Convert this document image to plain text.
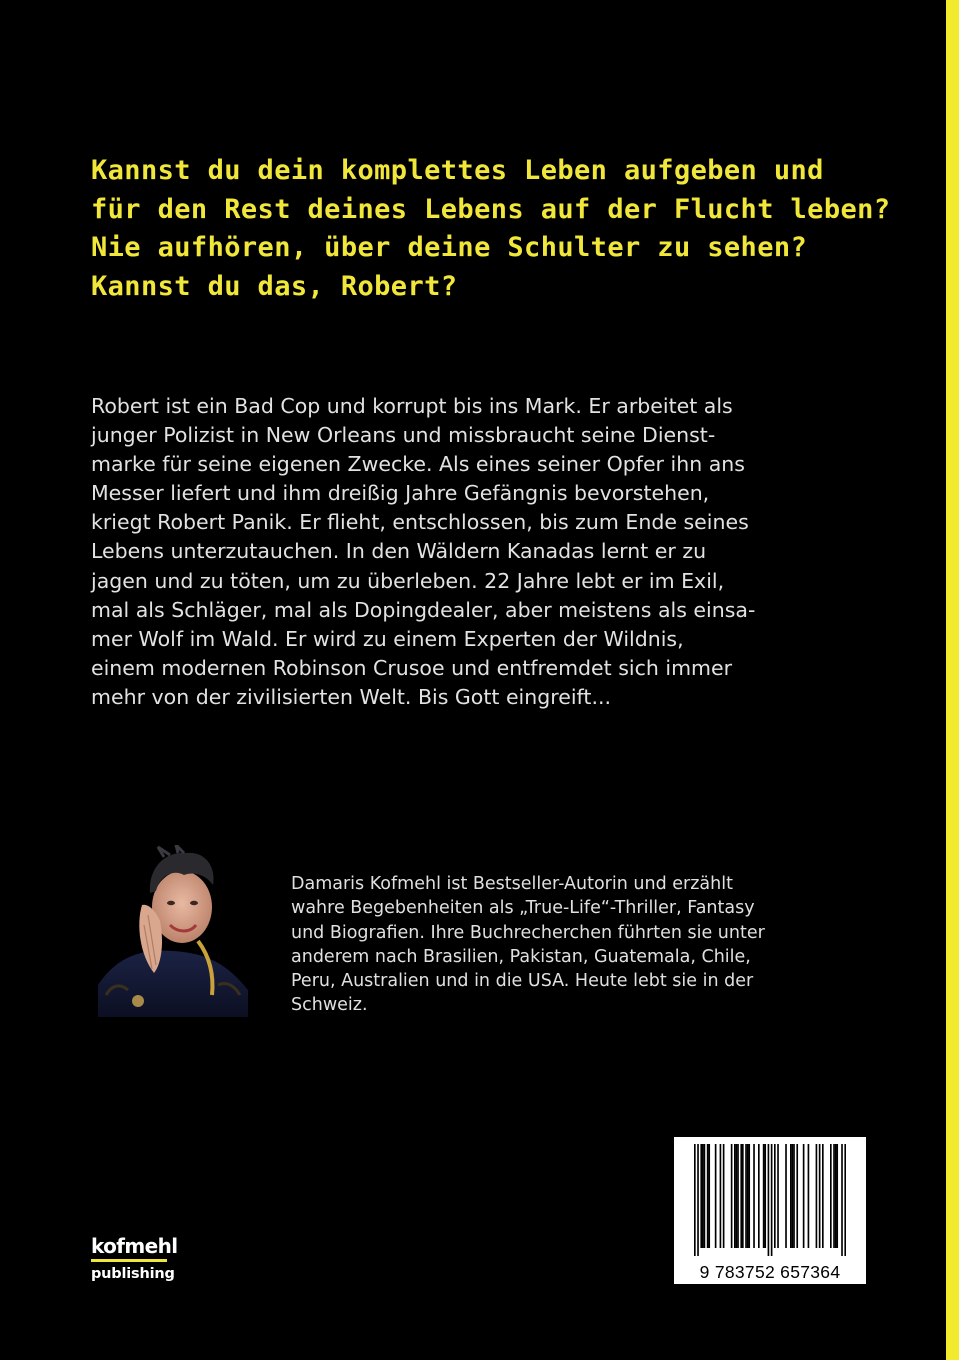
Kannst du dein komplettes Leben aufgeben und
für den Rest deines Lebens auf der Flucht leben?
Nie aufhören, über deine Schulter zu sehen?
Kannst du das, Robert?
Robert ist ein Bad Cop und korrupt bis ins Mark. Er arbeitet als
junger Polizist in New Orleans und missbraucht seine Dienst-
marke für seine eigenen Zwecke. Als eines seiner Opfer ihn ans
Messer liefert und ihm dreißig Jahre Gefängnis bevorstehen,
kriegt Robert Panik. Er flieht, entschlossen, bis zum Ende seines
Lebens unterzutauchen. In den Wäldern Kanadas lernt er zu
jagen und zu töten, um zu überleben. 22 Jahre lebt er im Exil,
mal als Schläger, mal als Dopingdealer, aber meistens als einsa-
mer Wolf im Wald. Er wird zu einem Experten der Wildnis,
einem modernen Robinson Crusoe und entfremdet sich immer
mehr von der zivilisierten Welt. Bis Gott eingreift...
Damaris Kofmehl ist Bestseller-Autorin und erzählt
wahre Begebenheiten als „True-Life“-Thriller, Fantasy
und Biografien. Ihre Buchrecherchen führten sie unter
anderem nach Brasilien, Pakistan, Guatemala, Chile,
Peru, Australien und in die USA. Heute lebt sie in der
Schweiz.
kofmehl
publishing	9 783752 657364
